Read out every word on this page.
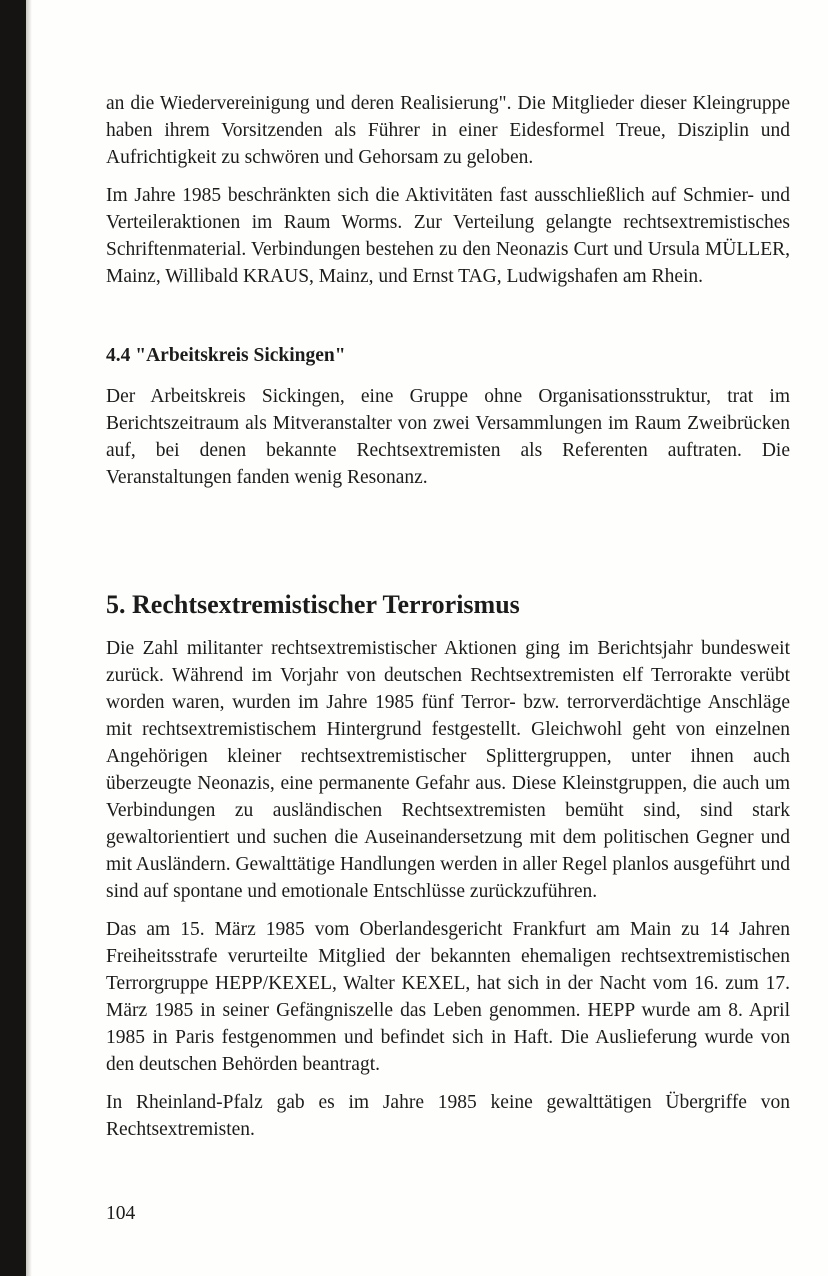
an die Wiedervereinigung und deren Realisierung". Die Mitglieder dieser Kleingruppe haben ihrem Vorsitzenden als Führer in einer Eidesformel Treue, Disziplin und Aufrichtigkeit zu schwören und Gehorsam zu geloben.

Im Jahre 1985 beschränkten sich die Aktivitäten fast ausschließlich auf Schmier- und Verteileraktionen im Raum Worms. Zur Verteilung gelangte rechtsextremistisches Schriftenmaterial. Verbindungen bestehen zu den Neonazis Curt und Ursula MÜLLER, Mainz, Willibald KRAUS, Mainz, und Ernst TAG, Ludwigshafen am Rhein.

4.4 "Arbeitskreis Sickingen"

Der Arbeitskreis Sickingen, eine Gruppe ohne Organisationsstruktur, trat im Berichtszeitraum als Mitveranstalter von zwei Versammlungen im Raum Zweibrücken auf, bei denen bekannte Rechtsextremisten als Referenten auftraten. Die Veranstaltungen fanden wenig Resonanz.

5. Rechtsextremistischer Terrorismus

Die Zahl militanter rechtsextremistischer Aktionen ging im Berichtsjahr bundesweit zurück. Während im Vorjahr von deutschen Rechtsextremisten elf Terrorakte verübt worden waren, wurden im Jahre 1985 fünf Terror- bzw. terrorverdächtige Anschläge mit rechtsextremistischem Hintergrund festgestellt. Gleichwohl geht von einzelnen Angehörigen kleiner rechtsextremistischer Splittergruppen, unter ihnen auch überzeugte Neonazis, eine permanente Gefahr aus. Diese Kleinstgruppen, die auch um Verbindungen zu ausländischen Rechtsextremisten bemüht sind, sind stark gewaltorientiert und suchen die Auseinandersetzung mit dem politischen Gegner und mit Ausländern. Gewalttätige Handlungen werden in aller Regel planlos ausgeführt und sind auf spontane und emotionale Entschlüsse zurückzuführen.

Das am 15. März 1985 vom Oberlandesgericht Frankfurt am Main zu 14 Jahren Freiheitsstrafe verurteilte Mitglied der bekannten ehemaligen rechtsextremistischen Terrorgruppe HEPP/KEXEL, Walter KEXEL, hat sich in der Nacht vom 16. zum 17. März 1985 in seiner Gefängniszelle das Leben genommen. HEPP wurde am 8. April 1985 in Paris festgenommen und befindet sich in Haft. Die Auslieferung wurde von den deutschen Behörden beantragt.

In Rheinland-Pfalz gab es im Jahre 1985 keine gewalttätigen Übergriffe von Rechtsextremisten.

104
